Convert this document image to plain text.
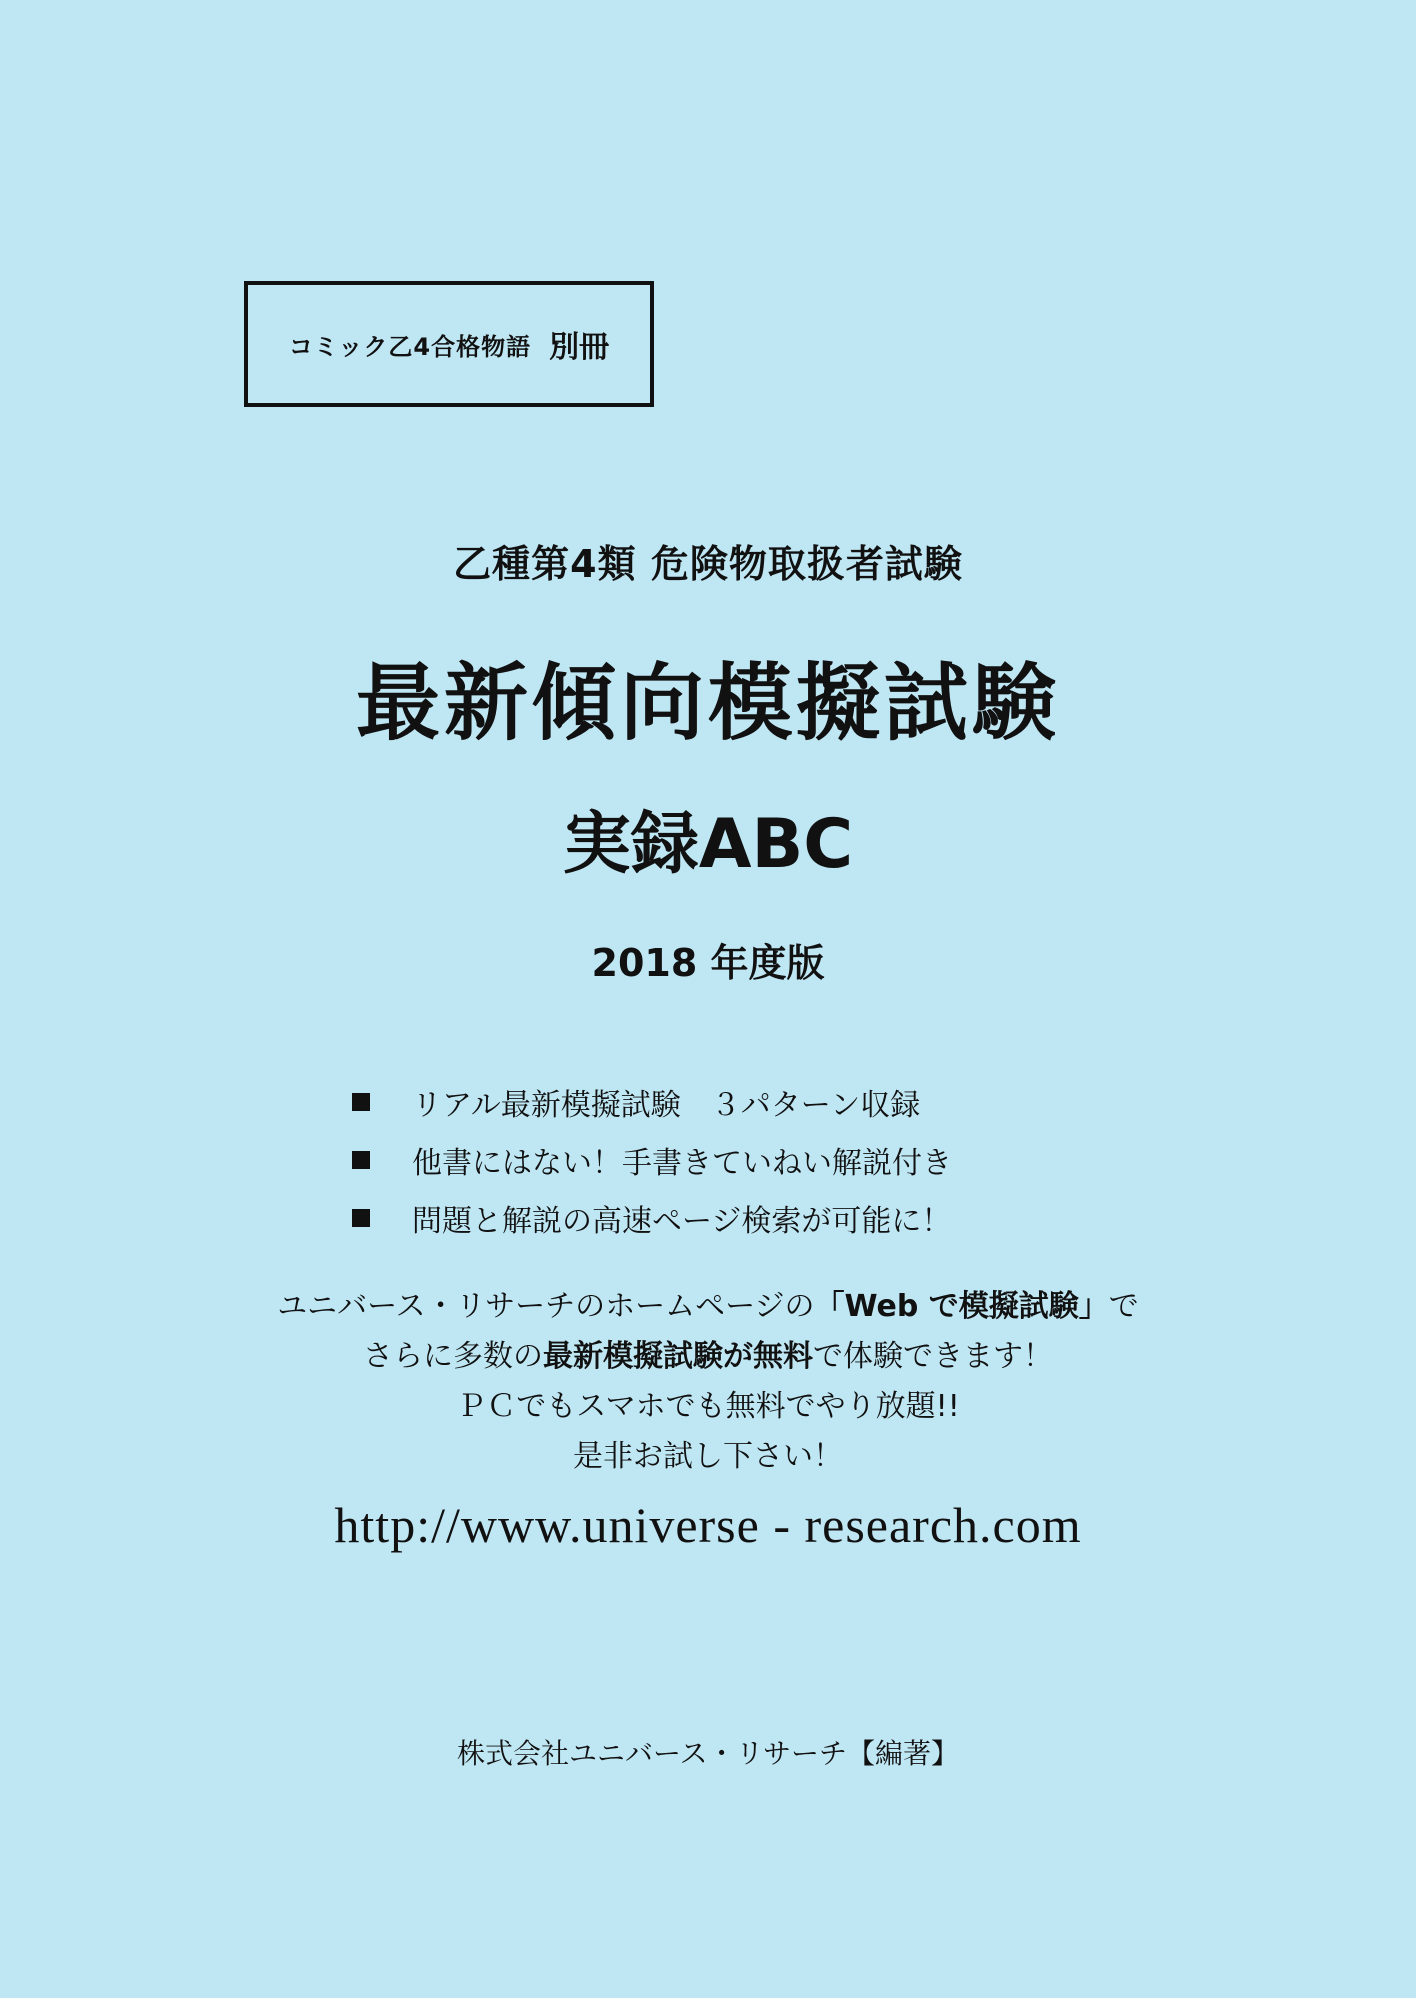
コミック乙4合格物語 別冊
乙種第4類 危険物取扱者試験
最新傾向模擬試験
実録ABC
2018 年度版
リアル最新模擬試験　３パターン収録
他書にはない！手書きていねい解説付き
問題と解説の高速ページ検索が可能に！
ユニバース・リサーチのホームページの「Web で模擬試験」で
さらに多数の最新模擬試験が無料で体験できます！
ＰＣでもスマホでも無料でやり放題!!
是非お試し下さい！
http://www.universe - research.com
株式会社ユニバース・リサーチ【編著】
